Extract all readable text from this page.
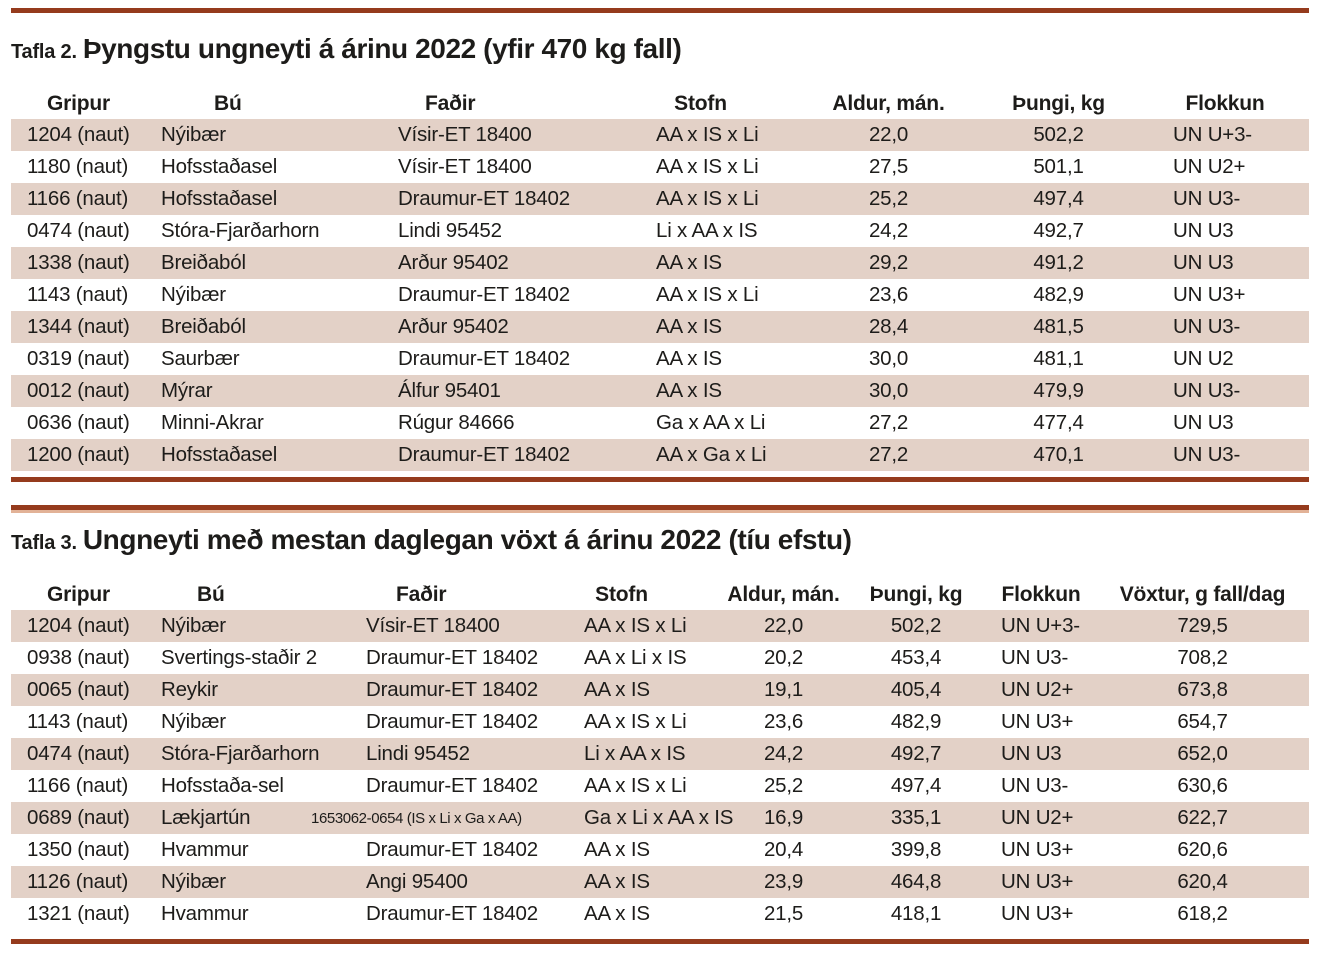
Tafla 2. Þyngstu ungneyti á árinu 2022 (yfir 470 kg fall)
Gripur	Bú	Faðir	Stofn	Aldur, mán.	Þungi, kg	Flokkun
1204 (naut)	Nýibær	Vísir-ET 18400	AA x IS x Li	22,0	502,2	UN U+3-
1180 (naut)	Hofsstaðasel	Vísir-ET 18400	AA x IS x Li	27,5	501,1	UN U2+
1166 (naut)	Hofsstaðasel	Draumur-ET 18402	AA x IS x Li	25,2	497,4	UN U3-
0474 (naut)	Stóra-Fjarðarhorn	Lindi 95452	Li x AA x IS	24,2	492,7	UN U3
1338 (naut)	Breiðaból	Arður 95402	AA x IS	29,2	491,2	UN U3
1143 (naut)	Nýibær	Draumur-ET 18402	AA x IS x Li	23,6	482,9	UN U3+
1344 (naut)	Breiðaból	Arður 95402	AA x IS	28,4	481,5	UN U3-
0319 (naut)	Saurbær	Draumur-ET 18402	AA x IS	30,0	481,1	UN U2
0012 (naut)	Mýrar	Álfur 95401	AA x IS	30,0	479,9	UN U3-
0636 (naut)	Minni-Akrar	Rúgur 84666	Ga x AA x Li	27,2	477,4	UN U3
1200 (naut)	Hofsstaðasel	Draumur-ET 18402	AA x Ga x Li	27,2	470,1	UN U3-
Tafla 3. Ungneyti með mestan daglegan vöxt á árinu 2022 (tíu efstu)
Gripur	Bú	Faðir	Stofn	Aldur, mán.	Þungi, kg	Flokkun	Vöxtur, g fall/dag
1204 (naut)	Nýibær	Vísir-ET 18400	AA x IS x Li	22,0	502,2	UN U+3-	729,5
0938 (naut)	Svertings-staðir 2	Draumur-ET 18402	AA x Li x IS	20,2	453,4	UN U3-	708,2
0065 (naut)	Reykir	Draumur-ET 18402	AA x IS	19,1	405,4	UN U2+	673,8
1143 (naut)	Nýibær	Draumur-ET 18402	AA x IS x Li	23,6	482,9	UN U3+	654,7
0474 (naut)	Stóra-Fjarðarhorn	Lindi 95452	Li x AA x IS	24,2	492,7	UN U3	652,0
1166 (naut)	Hofsstaða-sel	Draumur-ET 18402	AA x IS x Li	25,2	497,4	UN U3-	630,6
0689 (naut)	Lækjartún	1653062-0654 (IS x Li x Ga x AA)	Ga x Li x AA x IS	16,9	335,1	UN U2+	622,7
1350 (naut)	Hvammur	Draumur-ET 18402	AA x IS	20,4	399,8	UN U3+	620,6
1126 (naut)	Nýibær	Angi 95400	AA x IS	23,9	464,8	UN U3+	620,4
1321 (naut)	Hvammur	Draumur-ET 18402	AA x IS	21,5	418,1	UN U3+	618,2
